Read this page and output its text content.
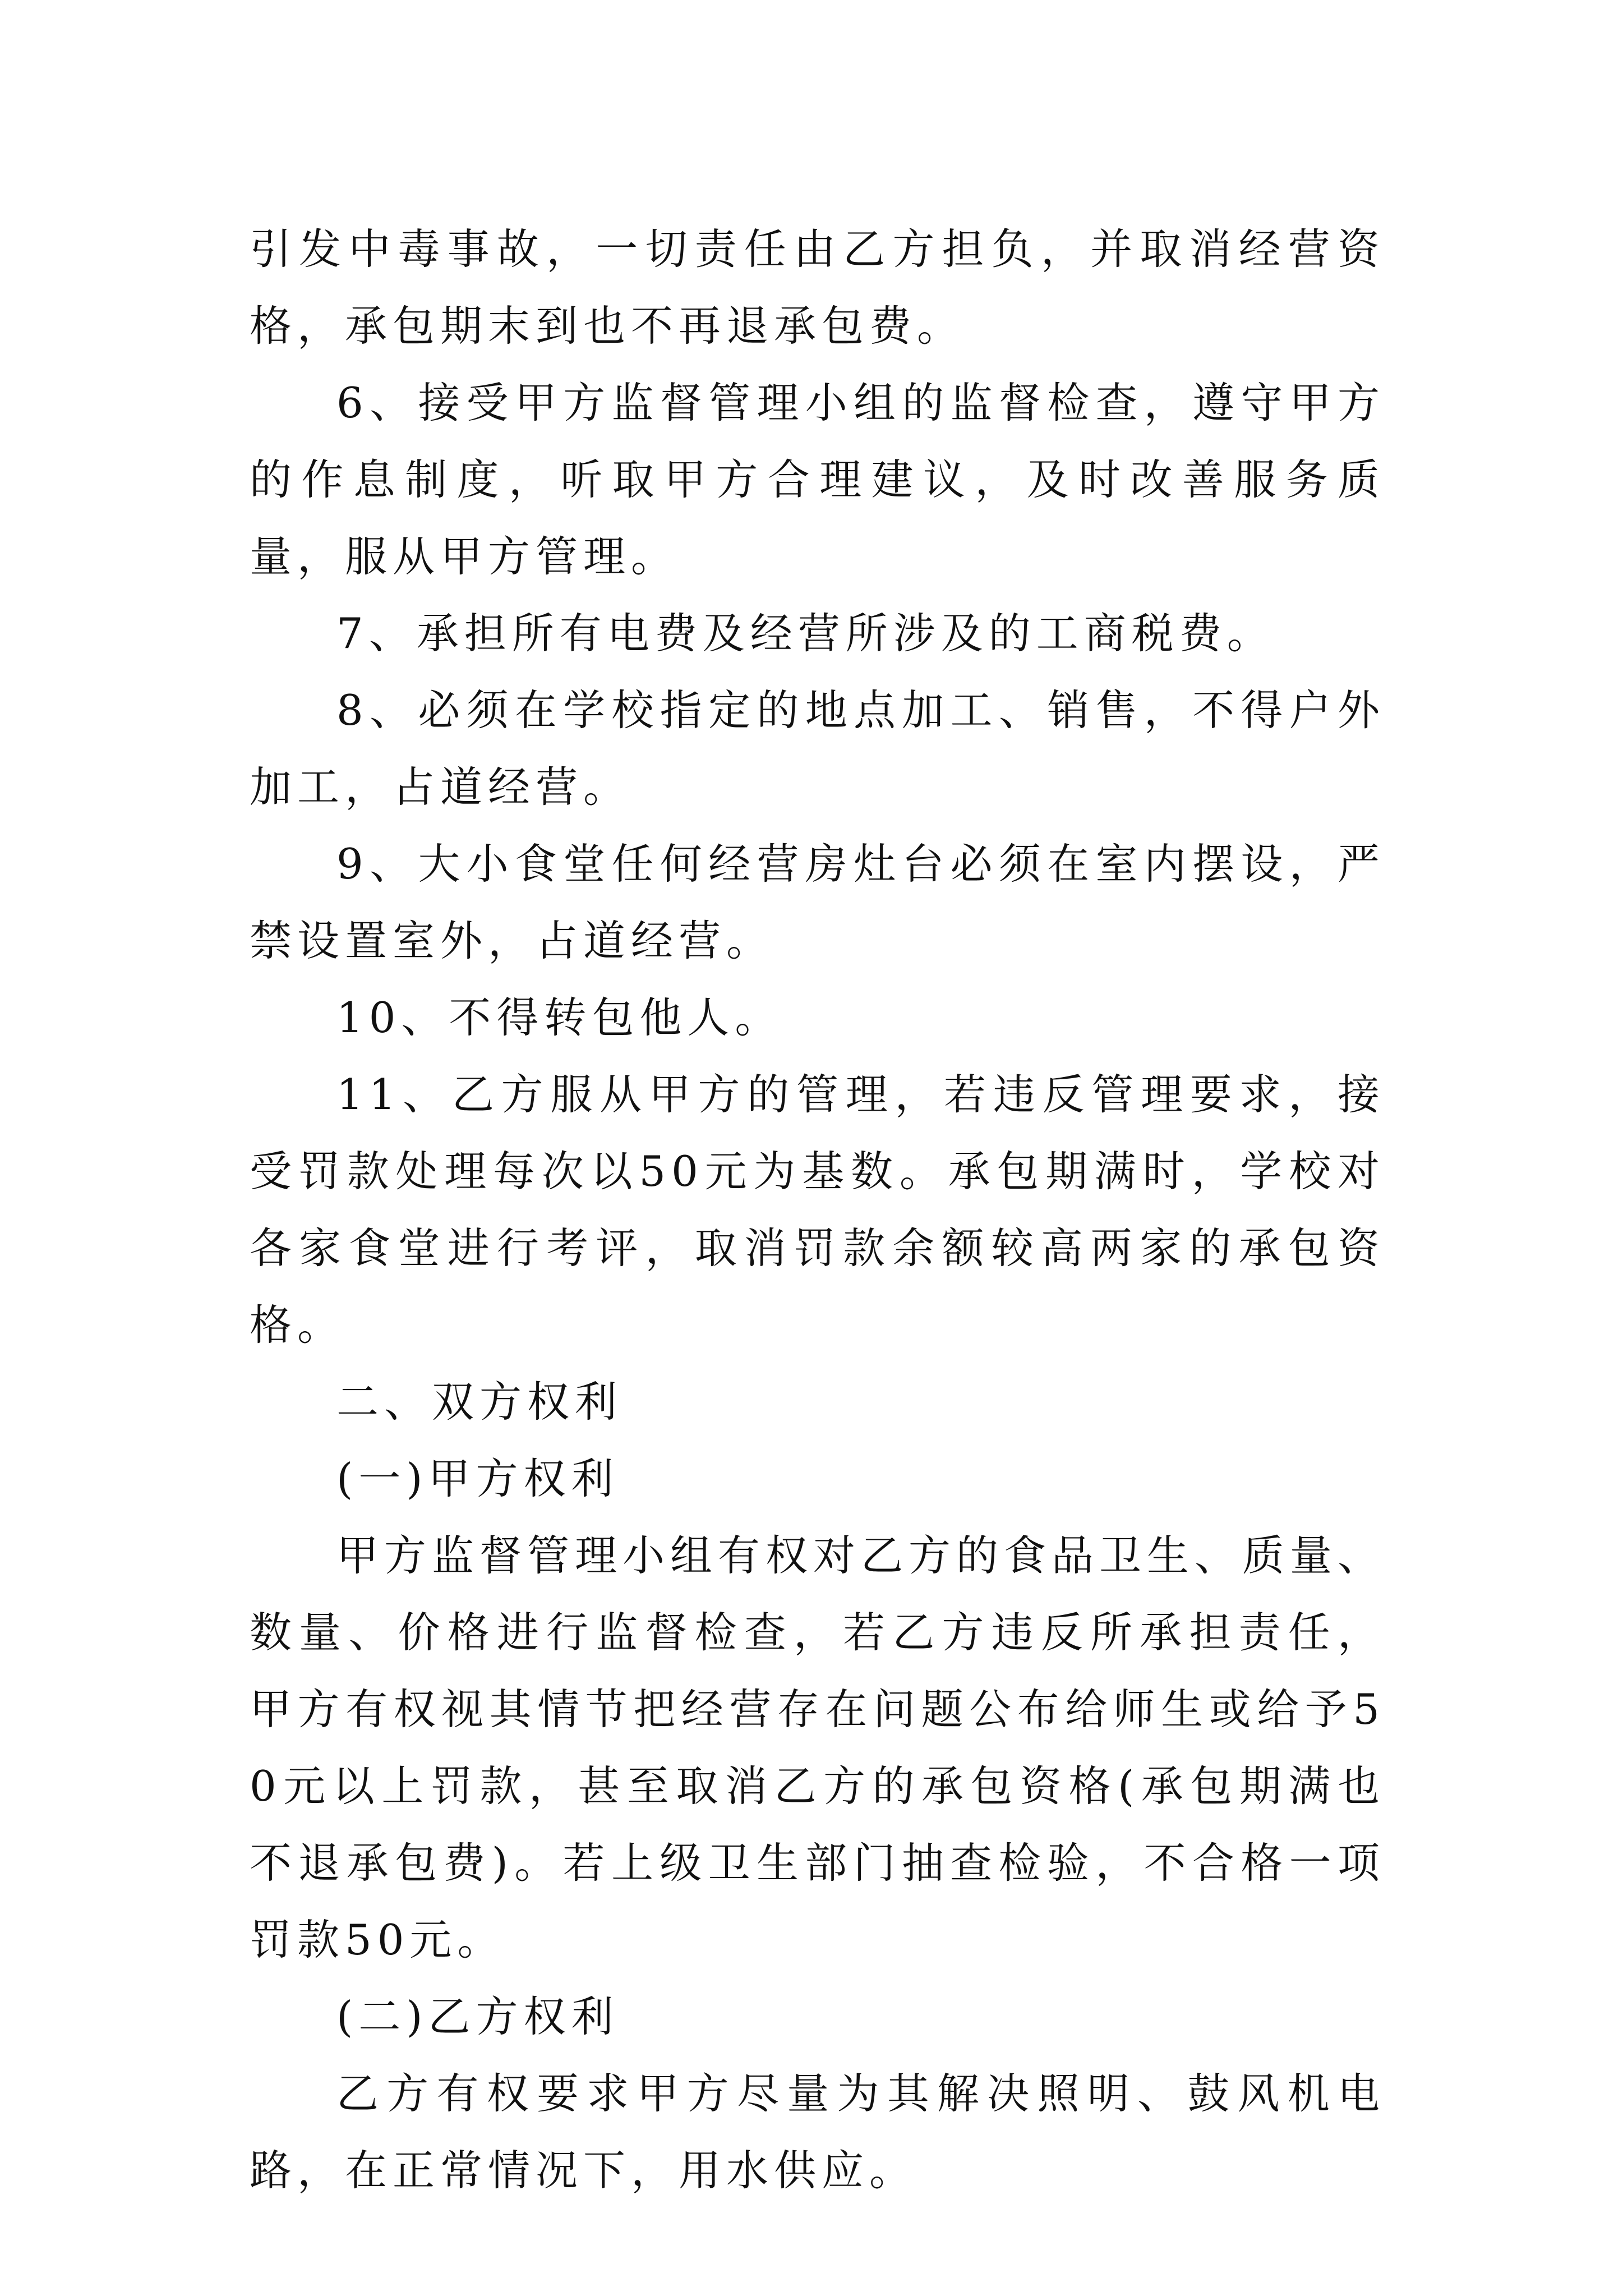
引发中毒事故，一切责任由乙方担负，并取消经营资格，承包期末到也不再退承包费。

6、接受甲方监督管理小组的监督检查，遵守甲方的作息制度，听取甲方合理建议，及时改善服务质量，服从甲方管理。

7、承担所有电费及经营所涉及的工商税费。

8、必须在学校指定的地点加工、销售，不得户外加工，占道经营。

9、大小食堂任何经营房灶台必须在室内摆设，严禁设置室外，占道经营。

10、不得转包他人。

11、乙方服从甲方的管理，若违反管理要求，接受罚款处理每次以50元为基数。承包期满时，学校对各家食堂进行考评，取消罚款余额较高两家的承包资格。

二、双方权利

(一)甲方权利

甲方监督管理小组有权对乙方的食品卫生、质量、数量、价格进行监督检查，若乙方违反所承担责任，甲方有权视其情节把经营存在问题公布给师生或给予50元以上罚款，甚至取消乙方的承包资格(承包期满也不退承包费)。若上级卫生部门抽查检验，不合格一项罚款50元。

(二)乙方权利

乙方有权要求甲方尽量为其解决照明、鼓风机电路，在正常情况下，用水供应。
